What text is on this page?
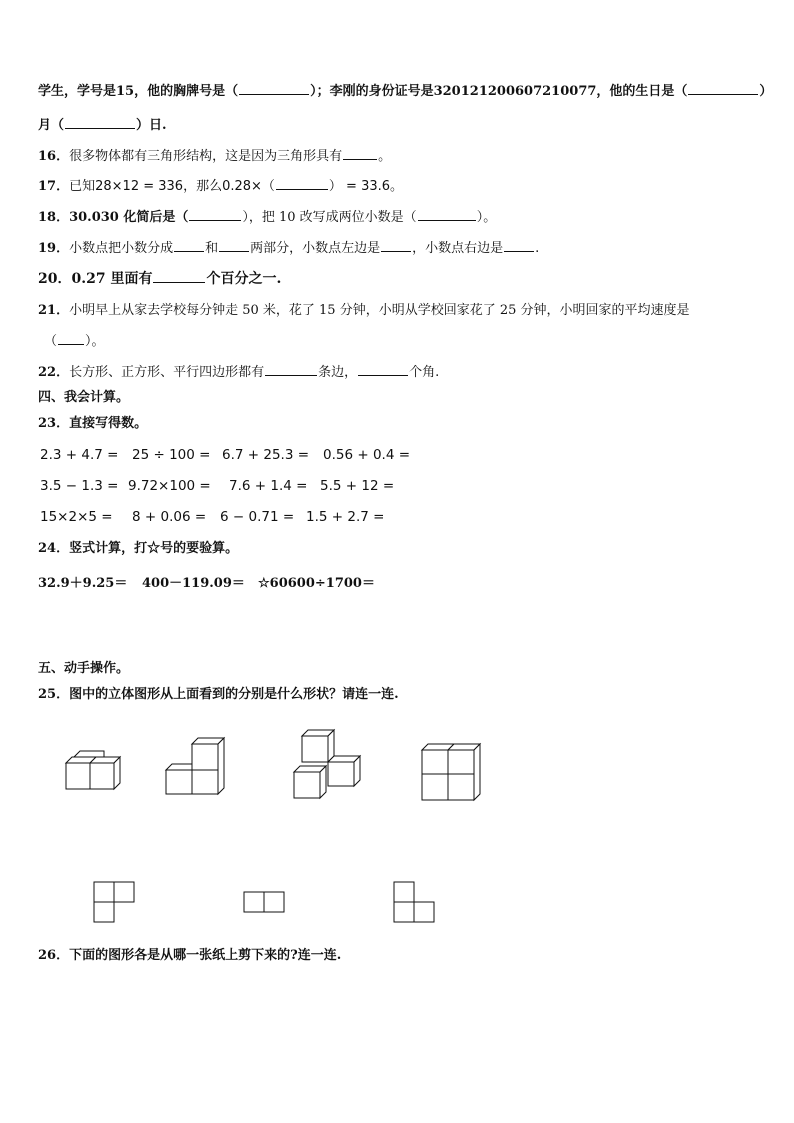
学生，学号是15，他的胸牌号是（	）；李刚的身份证号是320121200607210077，他的生日是（	）
月（	）日.
16．很多物体都有三角形结构，这是因为三角形具有	。
17．已知28×12 = 336，那么0.28×（	） = 33.6。
18．30.030 化简后是（	），把 10 改写成两位小数是（	）。
19．小数点把小数分成 和 两部分，小数点左边是 ，小数点右边是 .
20．0.27 里面有	个百分之一.
21．小明早上从家去学校每分钟走 50 米，花了 15 分钟，小明从学校回家花了 25 分钟，小明回家的平均速度是
（ ）。
22．长方形、正方形、平行四边形都有	条边，	个角.
四、我会计算。
23．直接写得数。
2.3 + 4.7 = 25 ÷ 100 = 6.7 + 25.3 = 0.56 + 0.4 =
3.5 − 1.3 = 9.72×100 = 7.6 + 1.4 = 5.5 + 12 =
15×2×5 = 8 + 0.06 = 6 − 0.71 = 1.5 + 2.7 =
24．竖式计算，打☆号的要验算。
32.9＋9.25＝ 400－119.09＝ ☆60600÷1700＝
五、动手操作。
25．图中的立体图形从上面看到的分别是什么形状？请连一连.
26．下面的图形各是从哪一张纸上剪下来的?连一连.
